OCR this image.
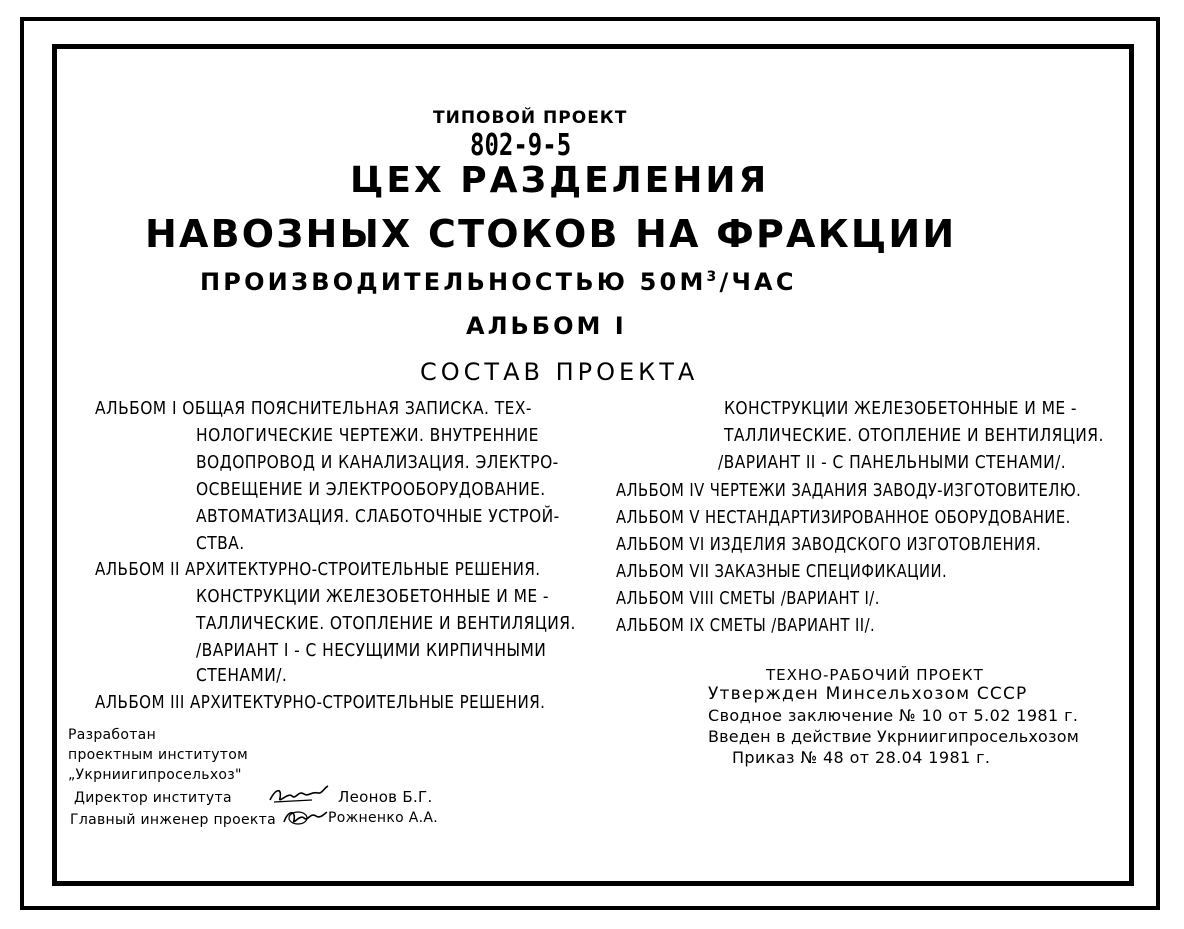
ТИПОВОЙ ПРОЕКТ
802-9-5
ЦЕХ РАЗДЕЛЕНИЯ
НАВОЗНЫХ СТОКОВ НА ФРАКЦИИ
ПРОИЗВОДИТЕЛЬНОСТЬЮ $50М^3$/ЧАС
АЛЬБОМ I
СОСТАВ ПРОЕКТА
АЛЬБОМ I ОБЩАЯ ПОЯСНИТЕЛЬНАЯ ЗАПИСКА. ТЕХ-
НОЛОГИЧЕСКИЕ ЧЕРТЕЖИ. ВНУТРЕННИЕ
ВОДОПРОВОД И КАНАЛИЗАЦИЯ. ЭЛЕКТРО-
ОСВЕЩЕНИЕ И ЭЛЕКТРООБОРУДОВАНИЕ.
АВТОМАТИЗАЦИЯ. СЛАБОТОЧНЫЕ УСТРОЙ-
СТВА.
АЛЬБОМ II АРХИТЕКТУРНО-СТРОИТЕЛЬНЫЕ РЕШЕНИЯ.
КОНСТРУКЦИИ ЖЕЛЕЗОБЕТОННЫЕ И МЕ -
ТАЛЛИЧЕСКИЕ. ОТОПЛЕНИЕ И ВЕНТИЛЯЦИЯ.
/ВАРИАНТ I - С НЕСУЩИМИ КИРПИЧНЫМИ
СТЕНАМИ/.
АЛЬБОМ III АРХИТЕКТУРНО-СТРОИТЕЛЬНЫЕ РЕШЕНИЯ.
КОНСТРУКЦИИ ЖЕЛЕЗОБЕТОННЫЕ И МЕ -
ТАЛЛИЧЕСКИЕ. ОТОПЛЕНИЕ И ВЕНТИЛЯЦИЯ.
/ВАРИАНТ II - С ПАНЕЛЬНЫМИ СТЕНАМИ/.
АЛЬБОМ IV ЧЕРТЕЖИ ЗАДАНИЯ ЗАВОДУ-ИЗГОТОВИТЕЛЮ.
АЛЬБОМ V НЕСТАНДАРТИЗИРОВАННОЕ ОБОРУДОВАНИЕ.
АЛЬБОМ VI ИЗДЕЛИЯ ЗАВОДСКОГО ИЗГОТОВЛЕНИЯ.
АЛЬБОМ VII ЗАКАЗНЫЕ СПЕЦИФИКАЦИИ.
АЛЬБОМ VIII СМЕТЫ /ВАРИАНТ I/.
АЛЬБОМ IX СМЕТЫ /ВАРИАНТ II/.
ТЕХНО-РАБОЧИЙ ПРОЕКТ
Утвержден Минсельхозом СССР
Сводное заключение № 10 от 5.02 1981 г.
Введен в действие Укрниигипросельхозом
Приказ № 48 от 28.04 1981 г.
Разработан
проектным институтом
„Укрниигипросельхоз"
Директор института	Леонов Б.Г.
Главный инженер проекта	Рожненко А.А.
